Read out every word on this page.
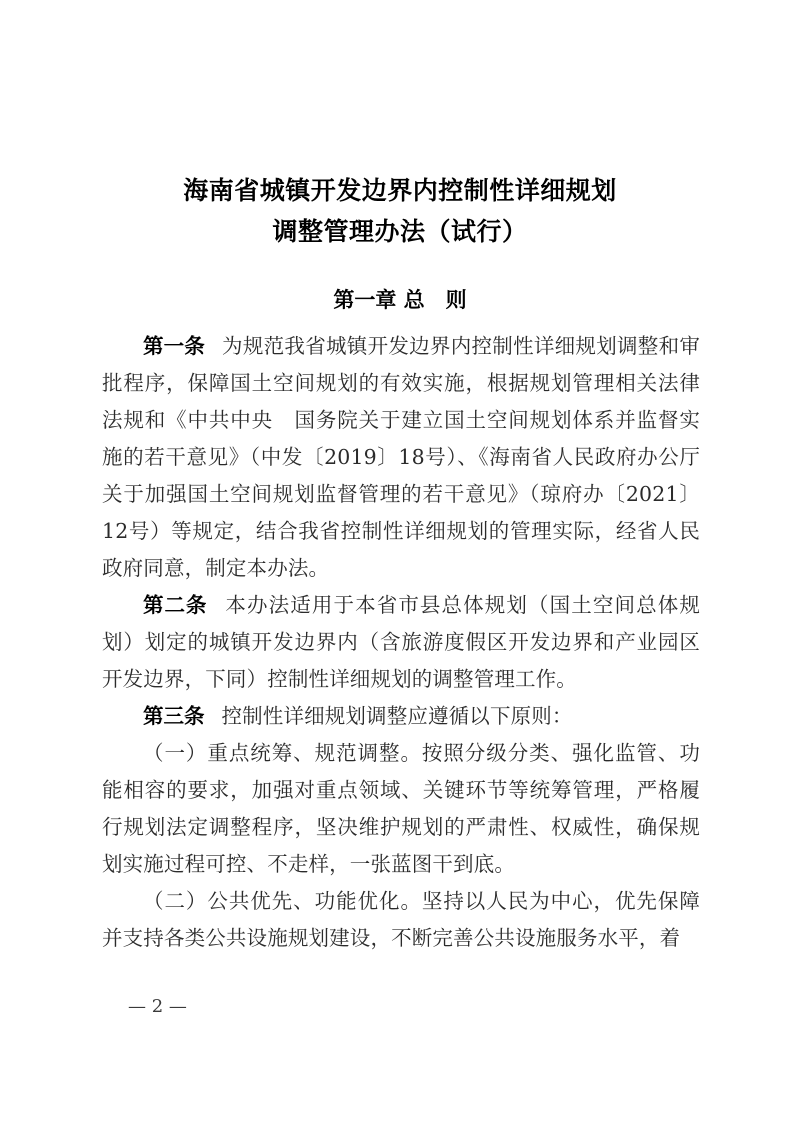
海南省城镇开发边界内控制性详细规划
调整管理办法（试行）
第一章 总　则

第一条 为规范我省城镇开发边界内控制性详细规划调整和审批程序，保障国土空间规划的有效实施，根据规划管理相关法律法规和《中共中央　国务院关于建立国土空间规划体系并监督实施的若干意见》（中发〔2019〕18号）、《海南省人民政府办公厅关于加强国土空间规划监督管理的若干意见》（琼府办〔2021〕12号）等规定，结合我省控制性详细规划的管理实际，经省人民政府同意，制定本办法。

第二条 本办法适用于本省市县总体规划（国土空间总体规划）划定的城镇开发边界内（含旅游度假区开发边界和产业园区开发边界，下同）控制性详细规划的调整管理工作。

第三条 控制性详细规划调整应遵循以下原则：

（一）重点统筹、规范调整。按照分级分类、强化监管、功能相容的要求，加强对重点领域、关键环节等统筹管理，严格履行规划法定调整程序，坚决维护规划的严肃性、权威性，确保规划实施过程可控、不走样，一张蓝图干到底。

（二）公共优先、功能优化。坚持以人民为中心，优先保障并支持各类公共设施规划建设，不断完善公共设施服务水平，着

— 2 —
